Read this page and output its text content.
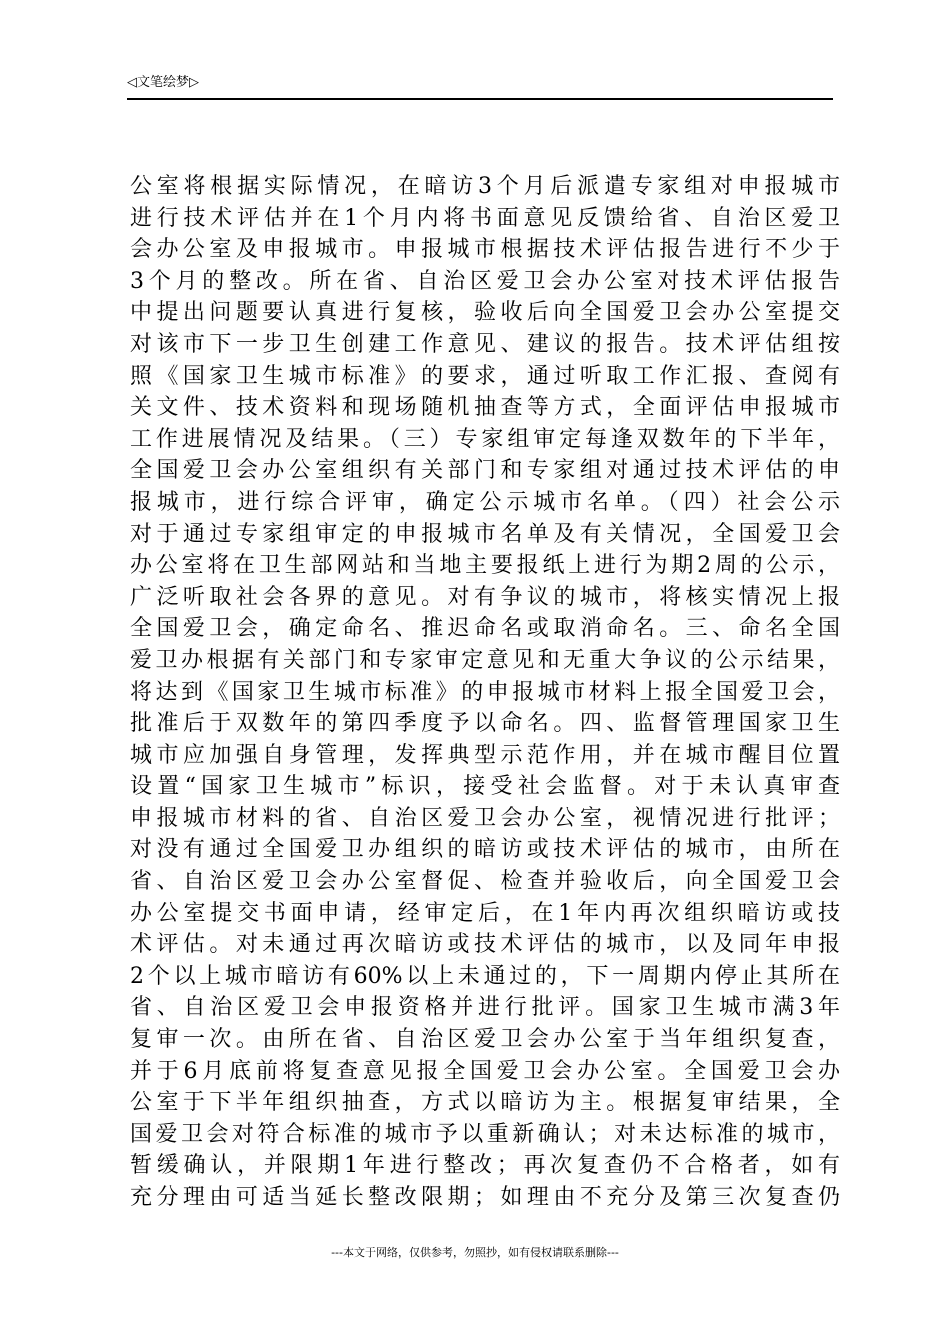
◁文笔绘梦▷
公室将根据实际情况，在暗访3个月后派遣专家组对申报城市
进行技术评估并在1个月内将书面意见反馈给省、自治区爱卫
会办公室及申报城市。申报城市根据技术评估报告进行不少于
3个月的整改。所在省、自治区爱卫会办公室对技术评估报告
中提出问题要认真进行复核，验收后向全国爱卫会办公室提交
对该市下一步卫生创建工作意见、建议的报告。技术评估组按
照《国家卫生城市标准》的要求，通过听取工作汇报、查阅有
关文件、技术资料和现场随机抽查等方式，全面评估申报城市
工作进展情况及结果。（三）专家组审定每逢双数年的下半年，
全国爱卫会办公室组织有关部门和专家组对通过技术评估的申
报城市，进行综合评审，确定公示城市名单。（四）社会公示
对于通过专家组审定的申报城市名单及有关情况，全国爱卫会
办公室将在卫生部网站和当地主要报纸上进行为期2周的公示，
广泛听取社会各界的意见。对有争议的城市，将核实情况上报
全国爱卫会，确定命名、推迟命名或取消命名。三、命名全国
爱卫办根据有关部门和专家审定意见和无重大争议的公示结果，
将达到《国家卫生城市标准》的申报城市材料上报全国爱卫会，
批准后于双数年的第四季度予以命名。四、监督管理国家卫生
城市应加强自身管理，发挥典型示范作用，并在城市醒目位置
设置“国家卫生城市”标识，接受社会监督。对于未认真审查
申报城市材料的省、自治区爱卫会办公室，视情况进行批评；
对没有通过全国爱卫办组织的暗访或技术评估的城市，由所在
省、自治区爱卫会办公室督促、检查并验收后，向全国爱卫会
办公室提交书面申请，经审定后，在1年内再次组织暗访或技
术评估。对未通过再次暗访或技术评估的城市，以及同年申报
2个以上城市暗访有60%以上未通过的，下一周期内停止其所在
省、自治区爱卫会申报资格并进行批评。国家卫生城市满3年
复审一次。由所在省、自治区爱卫会办公室于当年组织复查，
并于6月底前将复查意见报全国爱卫会办公室。全国爱卫会办
公室于下半年组织抽查，方式以暗访为主。根据复审结果，全
国爱卫会对符合标准的城市予以重新确认；对未达标准的城市，
暂缓确认，并限期1年进行整改；再次复查仍不合格者，如有
充分理由可适当延长整改限期；如理由不充分及第三次复查仍
---本文于网络，仅供参考，勿照抄，如有侵权请联系删除---
